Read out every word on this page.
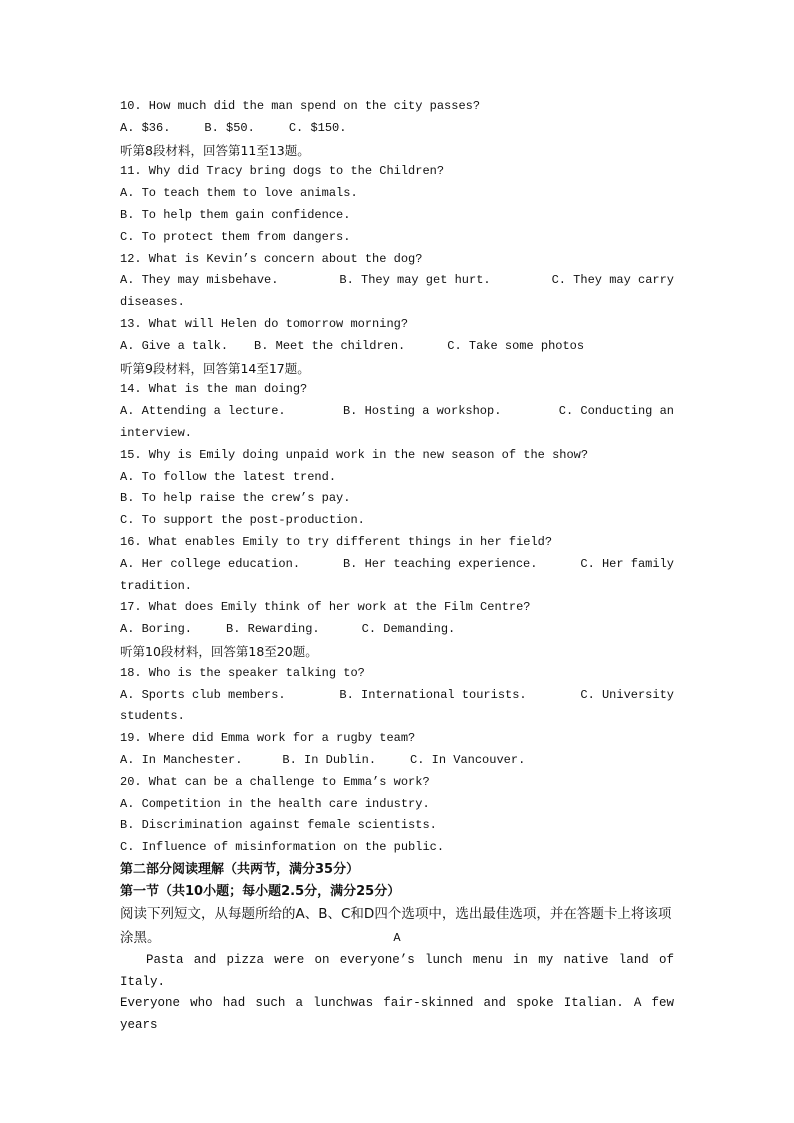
10. How much did the man spend on the city passes?
A. $36.	B. $50.	C. $150.
听第8段材料，回答第11至13题。
11. Why did Tracy bring dogs to the Children?
A. To teach them to love animals.
B. To help them gain confidence.
C. To protect them from dangers.
12. What is Kevin’s concern about the dog?
A. They may misbehave.	B. They may get hurt.	C. They may carry
diseases.
13. What will Helen do tomorrow morning?
A. Give a talk. B. Meet the children.	C. Take some photos
听第9段材料，回答第14至17题。
14. What is the man doing?
A. Attending a lecture.	B. Hosting a workshop.	C. Conducting an
interview.
15. Why is Emily doing unpaid work in the new season of the show?
A. To follow the latest trend.
B. To help raise the crew’s pay.
C. To support the post-production.
16. What enables Emily to try different things in her field?
A. Her college education.	B. Her teaching experience.	C. Her family
tradition.
17. What does Emily think of her work at the Film Centre?
A. Boring.	B. Rewarding.	C. Demanding.
听第10段材料，回答第18至20题。
18. Who is the speaker talking to?
A. Sports club members.	B. International tourists.	C. University
students.
19. Where did Emma work for a rugby team?
A. In Manchester.	B. In Dublin.	C. In Vancouver.
20. What can be a challenge to Emma’s work?
A. Competition in the health care industry.
B. Discrimination against female scientists.
C. Influence of misinformation on the public.
第二部分阅读理解（共两节，满分35分）
第一节（共10小题；每小题2.5分，满分25分）
阅读下列短文，从每题所给的A、B、C和D四个选项中，选出最佳选项，并在答题卡上将该项涂黑。	A
Pasta and pizza were on everyone’s lunch menu in my native land of Italy.
Everyone who had such a lunchwas fair-skinned and spoke Italian. A few years
